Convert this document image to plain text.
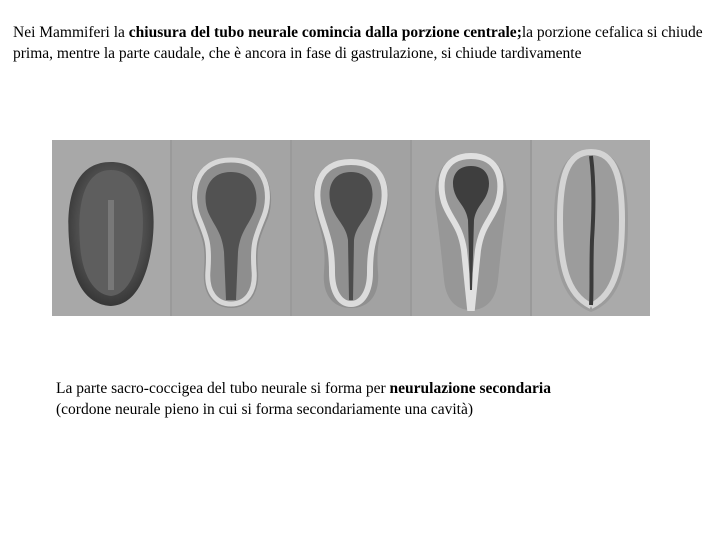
Nei Mammiferi la chiusura del tubo neurale comincia dalla porzione centrale;la porzione cefalica si chiude prima, mentre la parte caudale, che è ancora in fase di gastrulazione, si chiude tardivamente
La parte sacro-coccigea del tubo neurale si forma per neurulazione secondaria
(cordone neurale pieno in cui si forma secondariamente una cavità)
